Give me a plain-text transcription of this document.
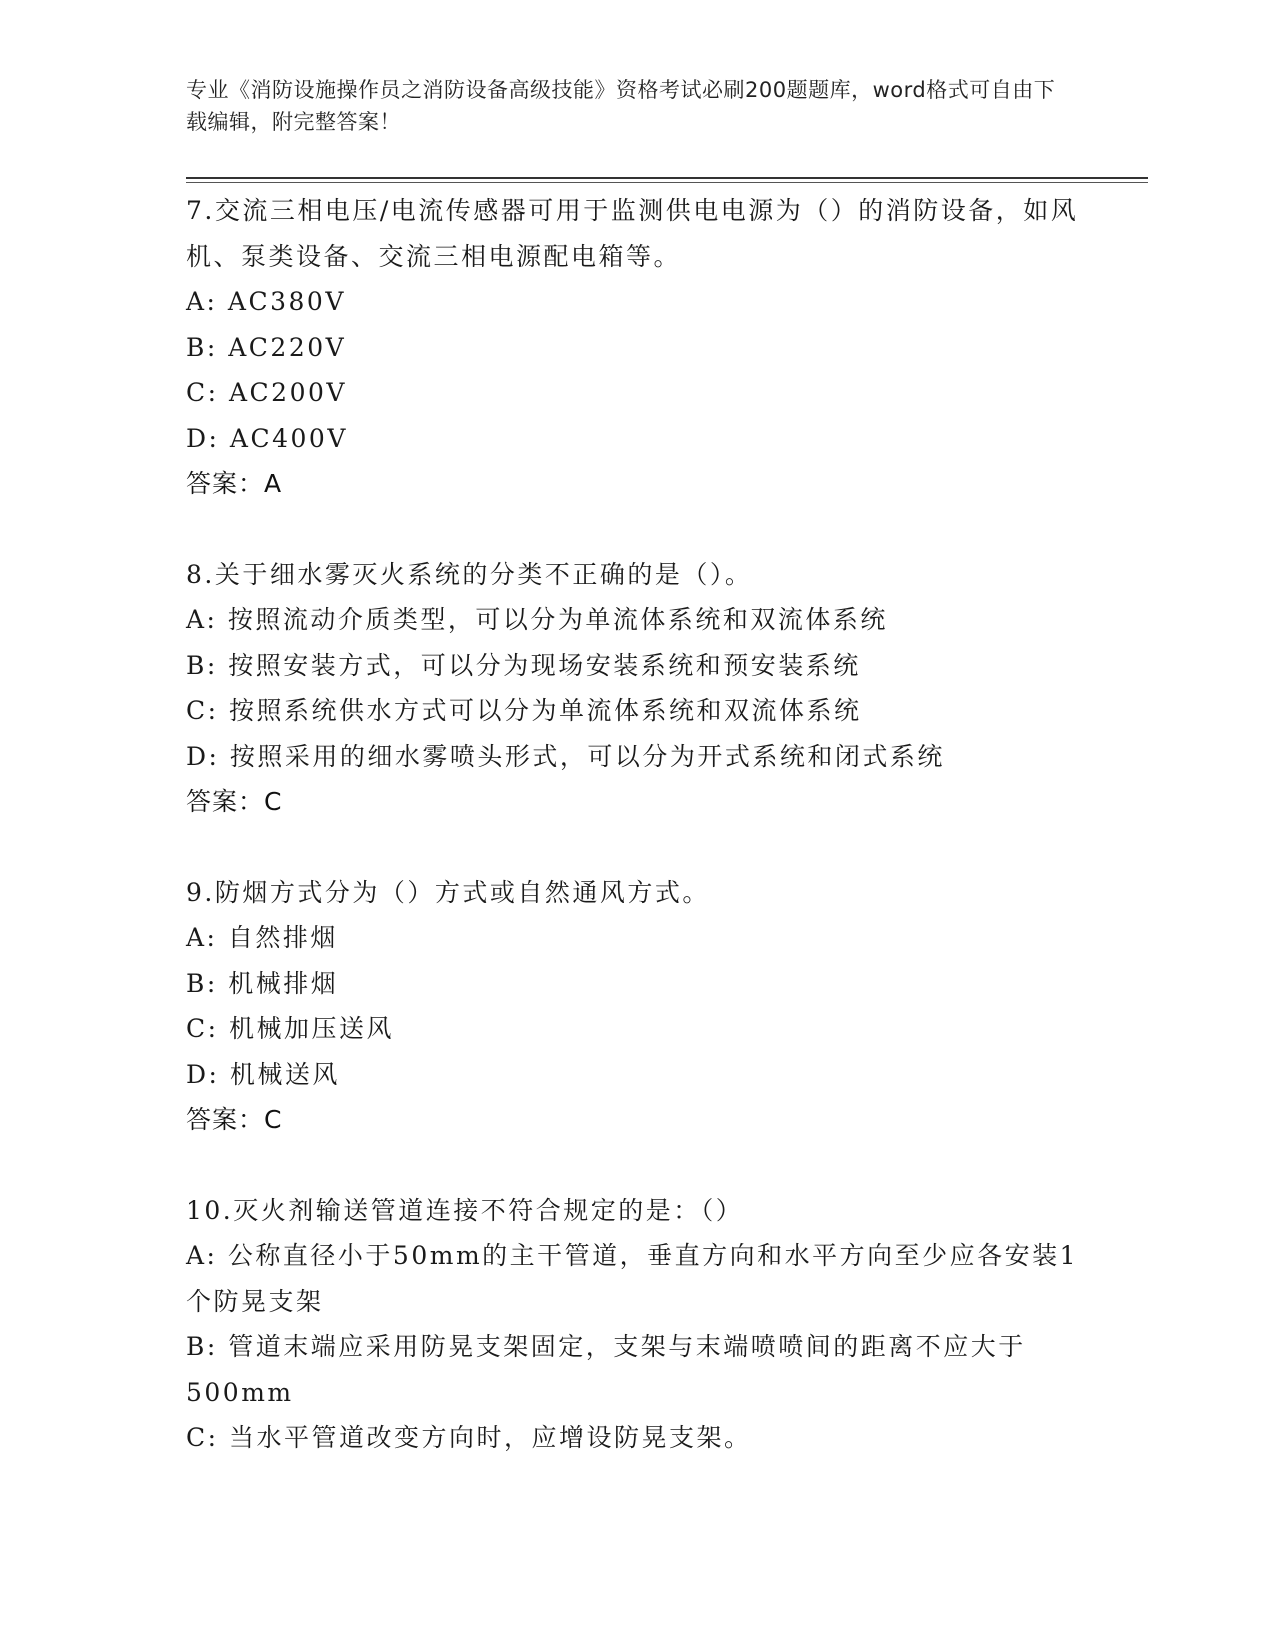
专业《消防设施操作员之消防设备高级技能》资格考试必刷200题题库，word格式可自由下载编辑，附完整答案！
7.交流三相电压/电流传感器可用于监测供电电源为（）的消防设备，如风机、泵类设备、交流三相电源配电箱等。
A: AC380V
B: AC220V
C: AC200V
D: AC400V
答案：A
8.关于细水雾灭火系统的分类不正确的是（）。
A: 按照流动介质类型，可以分为单流体系统和双流体系统
B: 按照安装方式，可以分为现场安装系统和预安装系统
C: 按照系统供水方式可以分为单流体系统和双流体系统
D: 按照采用的细水雾喷头形式，可以分为开式系统和闭式系统
答案：C
9.防烟方式分为（）方式或自然通风方式。
A: 自然排烟
B: 机械排烟
C: 机械加压送风
D: 机械送风
答案：C
10.灭火剂输送管道连接不符合规定的是：（）
A: 公称直径小于50mm的主干管道，垂直方向和水平方向至少应各安装1个防晃支架
B: 管道末端应采用防晃支架固定，支架与末端喷喷间的距离不应大于500mm
C: 当水平管道改变方向时，应增设防晃支架。
